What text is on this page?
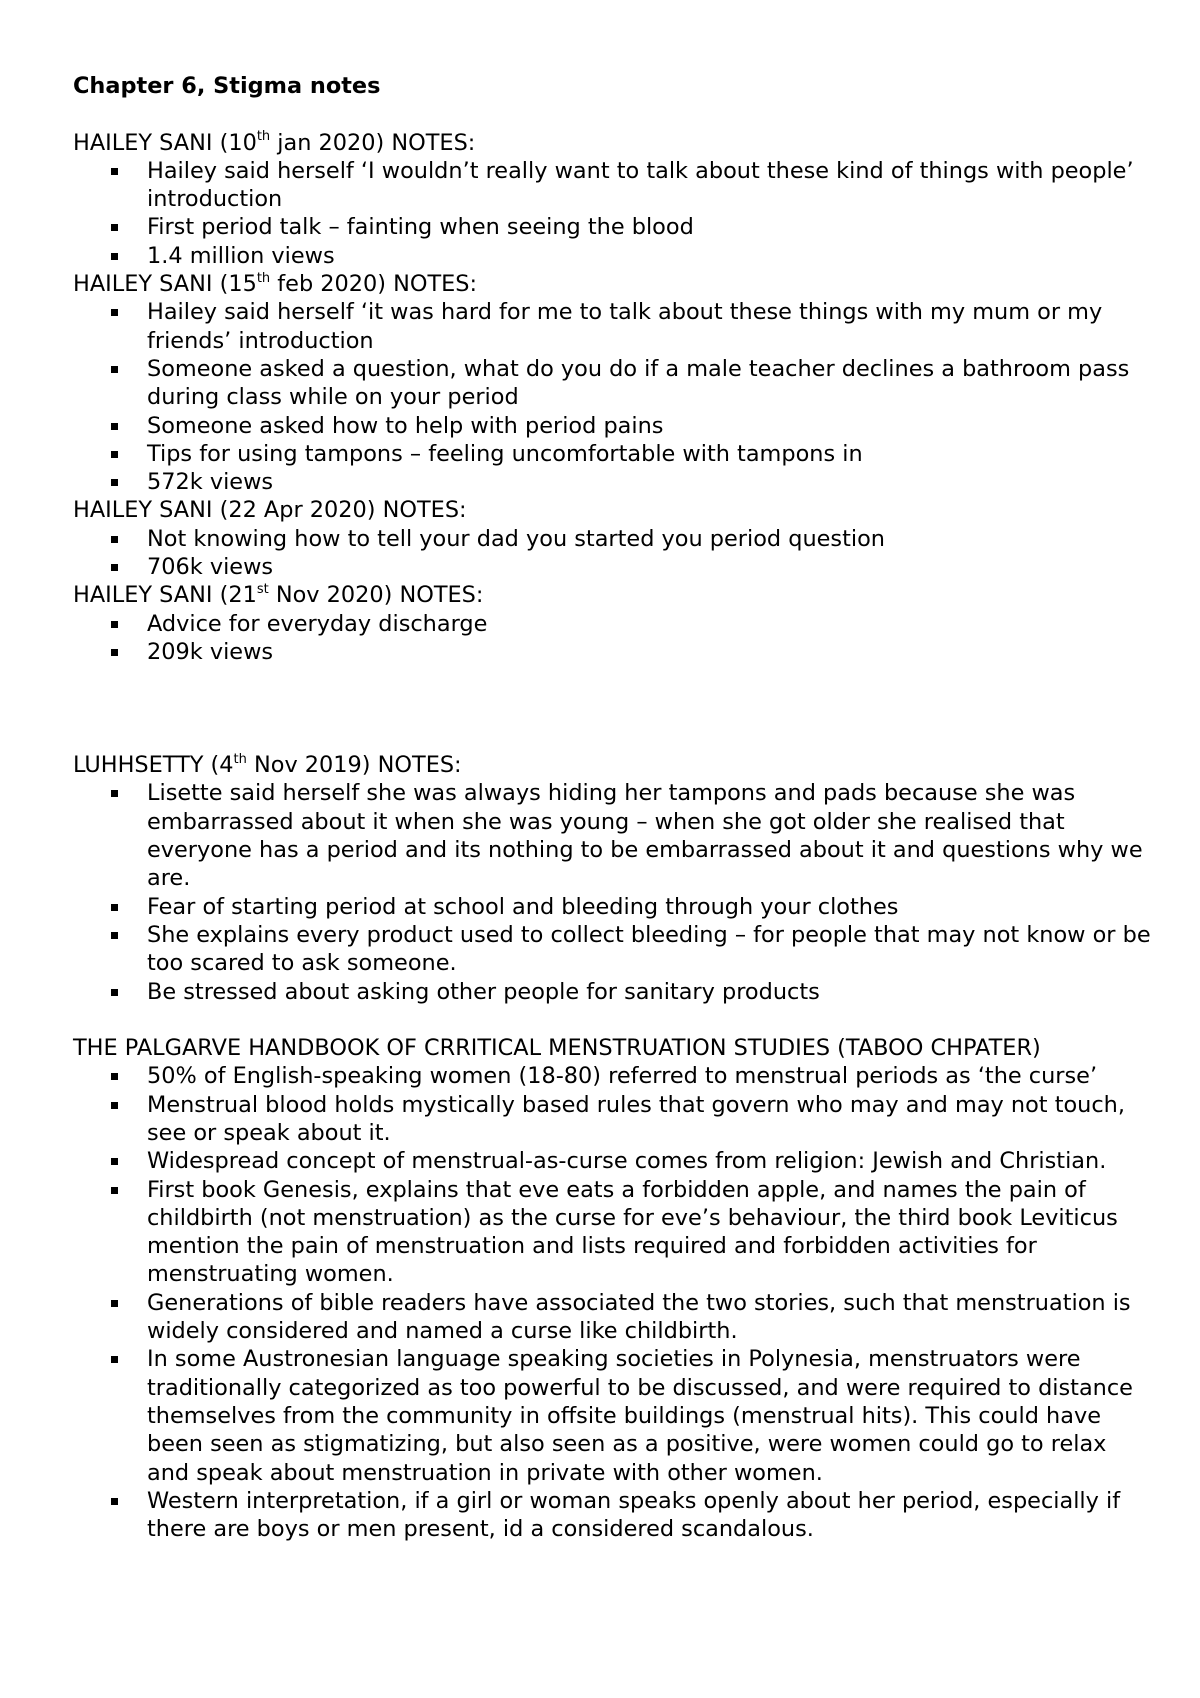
Chapter 6, Stigma notes

HAILEY SANI (10th jan 2020) NOTES:

Hailey said herself ‘I wouldn’t really want to talk about these kind of things with people’ introduction
First period talk – fainting when seeing the blood
1.4 million views

HAILEY SANI (15th feb 2020) NOTES:

Hailey said herself ‘it was hard for me to talk about these things with my mum or my friends’ introduction
Someone asked a question, what do you do if a male teacher declines a bathroom pass during class while on your period
Someone asked how to help with period pains
Tips for using tampons – feeling uncomfortable with tampons in
572k views

HAILEY SANI (22 Apr 2020) NOTES:

Not knowing how to tell your dad you started you period question
706k views

HAILEY SANI (21st Nov 2020) NOTES:

Advice for everyday discharge
209k views

LUHHSETTY (4th Nov 2019) NOTES:

Lisette said herself she was always hiding her tampons and pads because she was embarrassed about it when she was young – when she got older she realised that everyone has a period and its nothing to be embarrassed about it and questions why we are.
Fear of starting period at school and bleeding through your clothes
She explains every product used to collect bleeding – for people that may not know or be too scared to ask someone.
Be stressed about asking other people for sanitary products

THE PALGARVE HANDBOOK OF CRRITICAL MENSTRUATION STUDIES (TABOO CHPATER)

50% of English-speaking women (18-80) referred to menstrual periods as ‘the curse’
Menstrual blood holds mystically based rules that govern who may and may not touch, see or speak about it.
Widespread concept of menstrual-as-curse comes from religion: Jewish and Christian.
First book Genesis, explains that eve eats a forbidden apple, and names the pain of childbirth (not menstruation) as the curse for eve’s behaviour, the third book Leviticus mention the pain of menstruation and lists required and forbidden activities for menstruating women.
Generations of bible readers have associated the two stories, such that menstruation is widely considered and named a curse like childbirth.
In some Austronesian language speaking societies in Polynesia, menstruators were traditionally categorized as too powerful to be discussed, and were required to distance themselves from the community in offsite buildings (menstrual hits). This could have been seen as stigmatizing, but also seen as a positive, were women could go to relax and speak about menstruation in private with other women.
Western interpretation, if a girl or woman speaks openly about her period, especially if there are boys or men present, id a considered scandalous.
